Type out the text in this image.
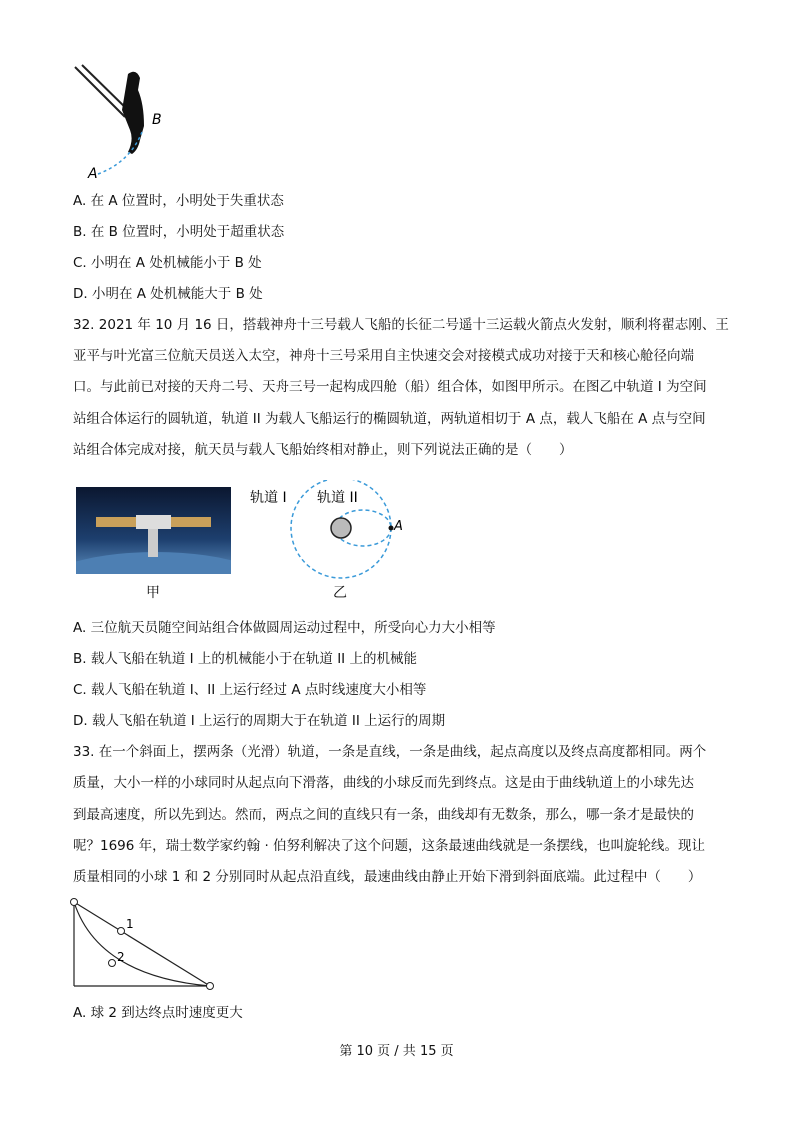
B
A
A. 在 A 位置时，小明处于失重状态
B. 在 B 位置时，小明处于超重状态
C. 小明在 A 处机械能小于 B 处
D. 小明在 A 处机械能大于 B 处
32. 2021 年 10 月 16 日，搭载神舟十三号载人飞船的长征二号遥十三运载火箭点火发射，顺利将翟志刚、王
亚平与叶光富三位航天员送入太空，神舟十三号采用自主快速交会对接模式成功对接于天和核心舱径向端
口。与此前已对接的天舟二号、天舟三号一起构成四舱（船）组合体，如图甲所示。在图乙中轨道 I 为空间
站组合体运行的圆轨道，轨道 II 为载人飞船运行的椭圆轨道，两轨道相切于 A 点，载人飞船在 A 点与空间
站组合体完成对接，航天员与载人飞船始终相对静止，则下列说法正确的是（　　）
甲
轨道 I 轨道 II
A
乙
A. 三位航天员随空间站组合体做圆周运动过程中，所受向心力大小相等
B. 载人飞船在轨道 I 上的机械能小于在轨道 II 上的机械能
C. 载人飞船在轨道 I、II 上运行经过 A 点时线速度大小相等
D. 载人飞船在轨道 I 上运行的周期大于在轨道 II 上运行的周期
33. 在一个斜面上，摆两条（光滑）轨道，一条是直线，一条是曲线，起点高度以及终点高度都相同。两个
质量，大小一样的小球同时从起点向下滑落，曲线的小球反而先到终点。这是由于曲线轨道上的小球先达
到最高速度，所以先到达。然而，两点之间的直线只有一条，曲线却有无数条，那么，哪一条才是最快的
呢？1696 年，瑞士数学家约翰 · 伯努利解决了这个问题，这条最速曲线就是一条摆线，也叫旋轮线。现让
质量相同的小球 1 和 2 分别同时从起点沿直线，最速曲线由静止开始下滑到斜面底端。此过程中（　　）
1
2
A. 球 2 到达终点时速度更大
第 10 页 / 共 15 页
